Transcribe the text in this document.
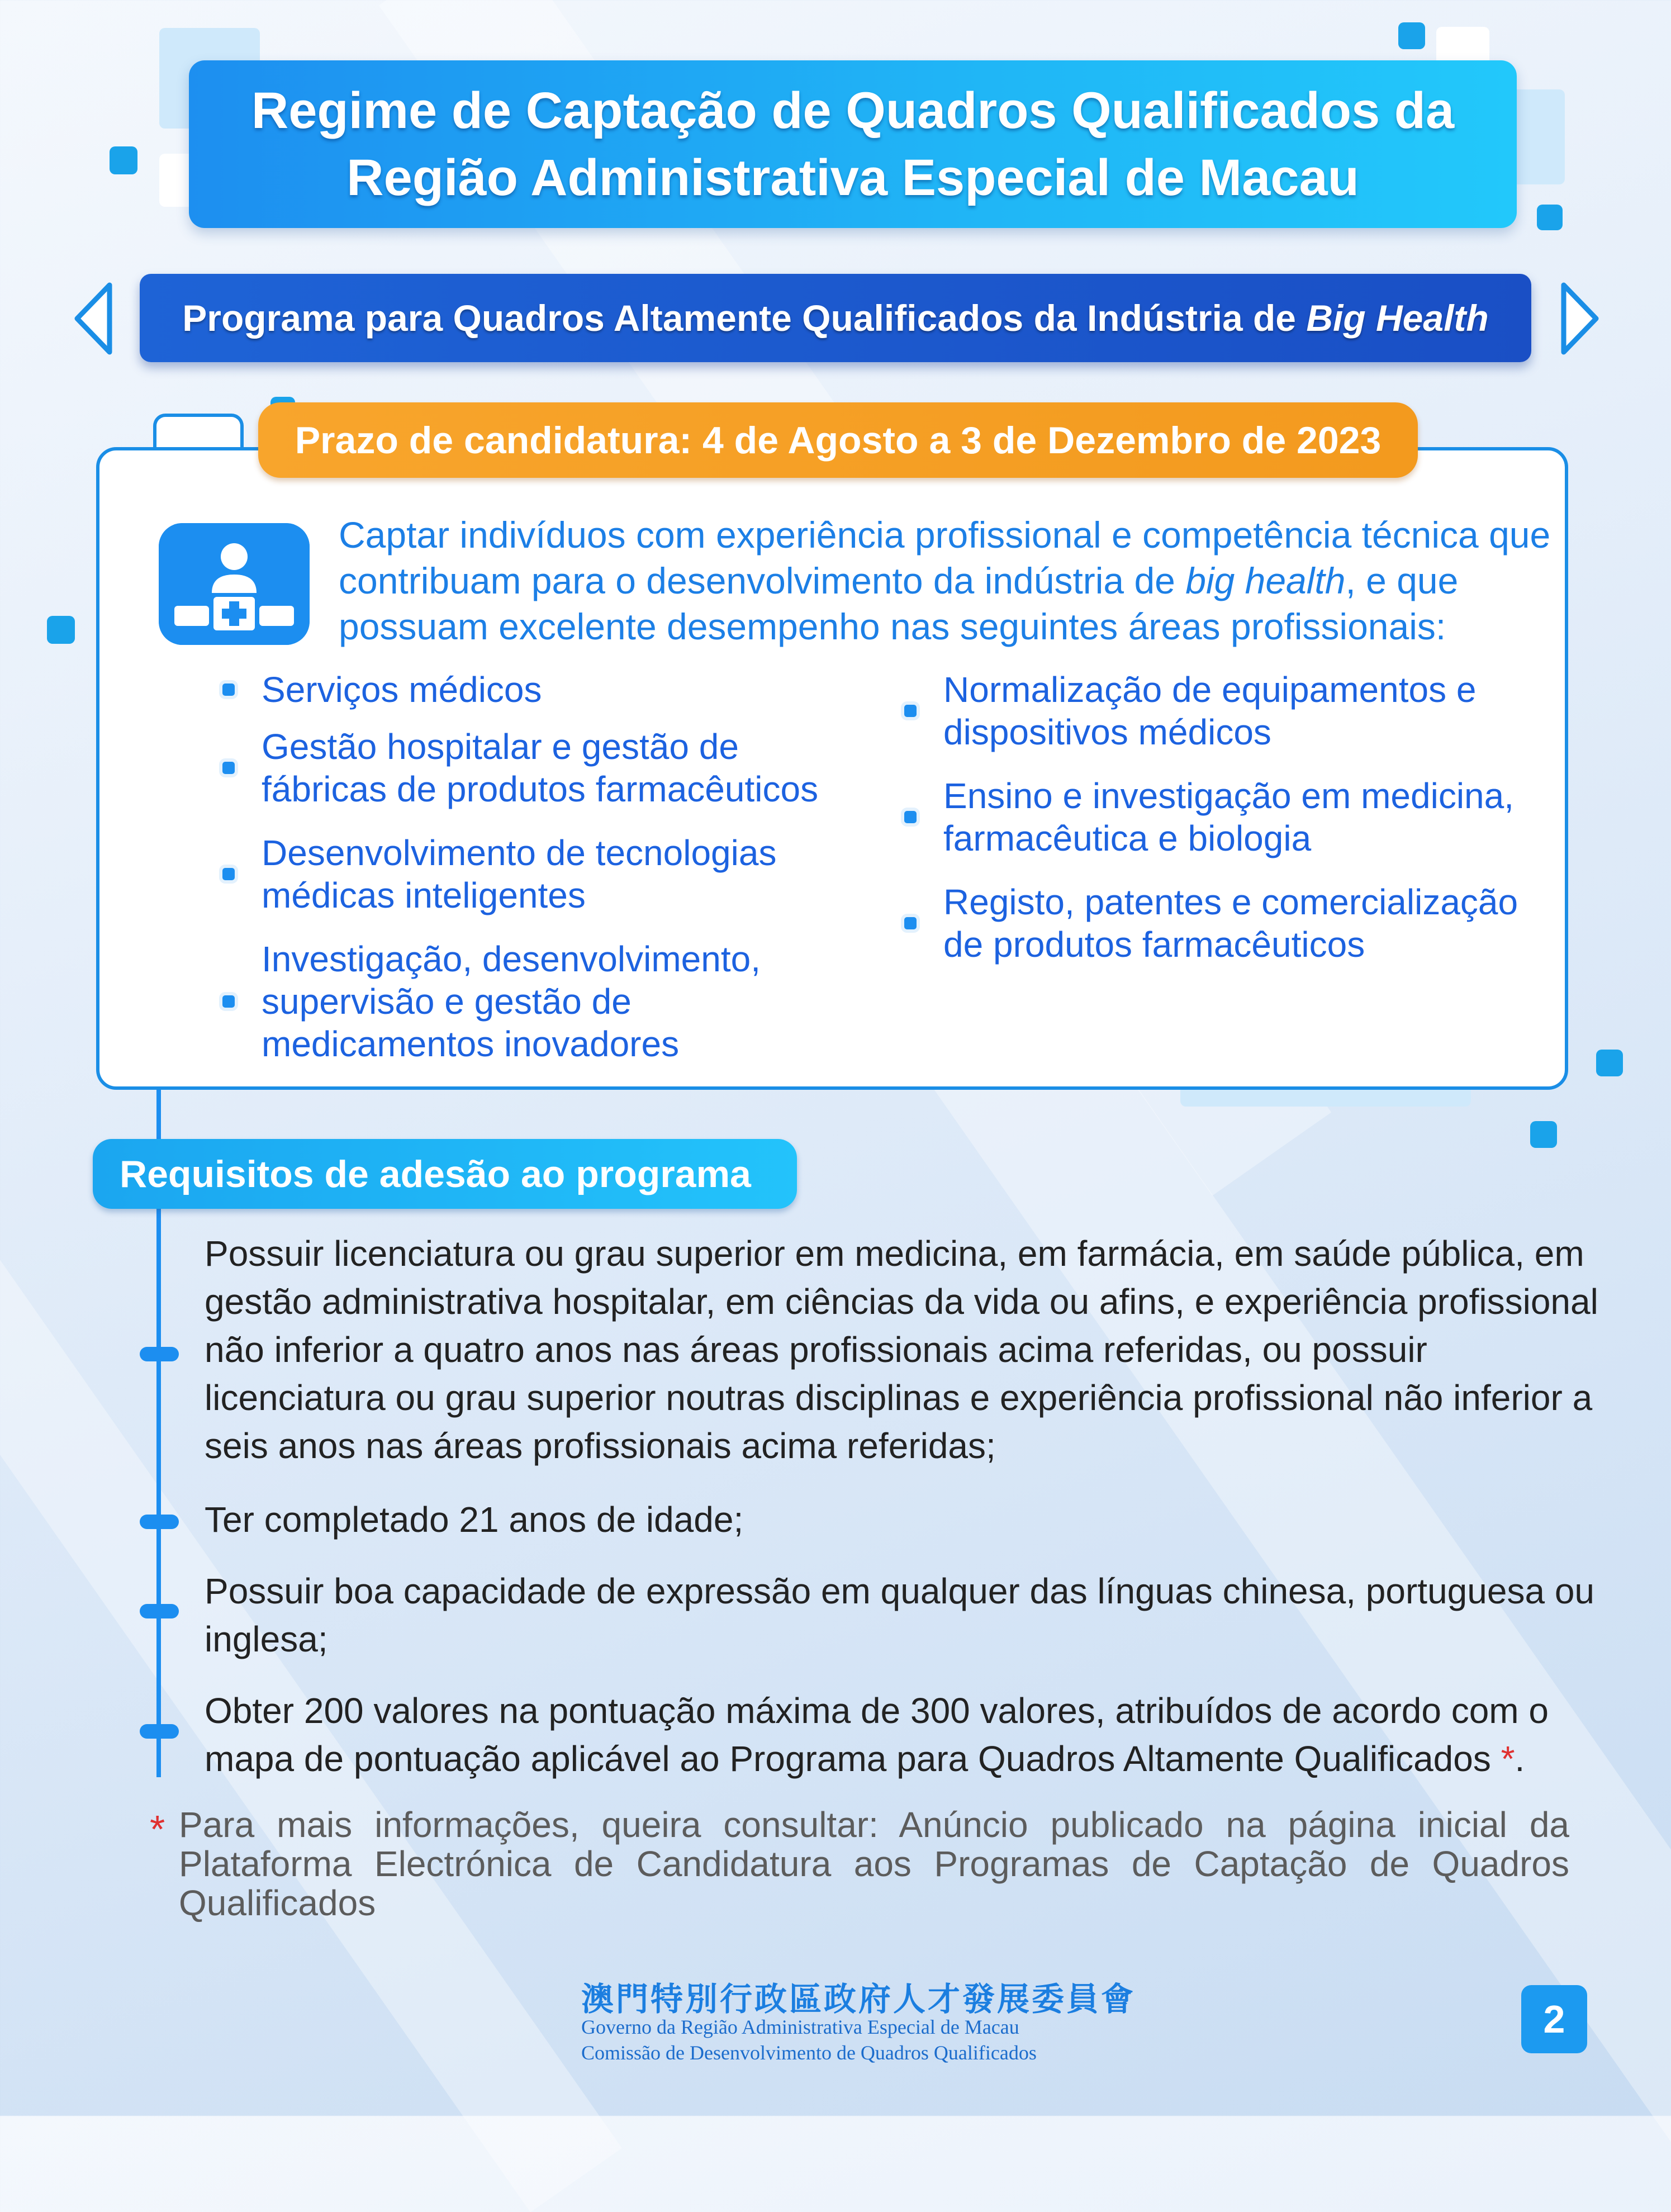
Regime de Captação de Quadros Qualificados da
Região Administrativa Especial de Macau
Programa para Quadros Altamente Qualificados da Indústria de Big Health
Prazo de candidatura: 4 de Agosto a 3 de Dezembro de 2023
Captar indivíduos com experiência profissional e competência técnica que contribuam para o desenvolvimento da indústria de big health, e que possuam excelente desempenho nas seguintes áreas profissionais:
Serviços médicos
Gestão hospitalar e gestão de fábricas de produtos farmacêuticos
Desenvolvimento de tecnologias médicas inteligentes
Investigação, desenvolvimento, supervisão e gestão de medicamentos inovadores
Normalização de equipamentos e dispositivos médicos
Ensino e investigação em medicina, farmacêutica e biologia
Registo, patentes e comercialização de produtos farmacêuticos
Requisitos de adesão ao programa
Possuir licenciatura ou grau superior em medicina, em farmácia, em saúde pública, em gestão administrativa hospitalar, em ciências da vida ou afins, e experiência profissional não inferior a quatro anos nas áreas profissionais acima referidas, ou possuir licenciatura ou grau superior noutras disciplinas e experiência profissional não inferior a seis anos nas áreas profissionais acima referidas;
Ter completado 21 anos de idade;
Possuir boa capacidade de expressão em qualquer das línguas chinesa, portuguesa ou inglesa;
Obter 200 valores na pontuação máxima de 300 valores, atribuídos de acordo com o mapa de pontuação aplicável ao Programa para Quadros Altamente Qualificados *.
* Para mais informações, queira consultar: Anúncio publicado na página inicial da Plataforma Electrónica de Candidatura aos Programas de Captação de Quadros Qualificados
澳門特別行政區政府人才發展委員會
Governo da Região Administrativa Especial de Macau
Comissão de Desenvolvimento de Quadros Qualificados
2
